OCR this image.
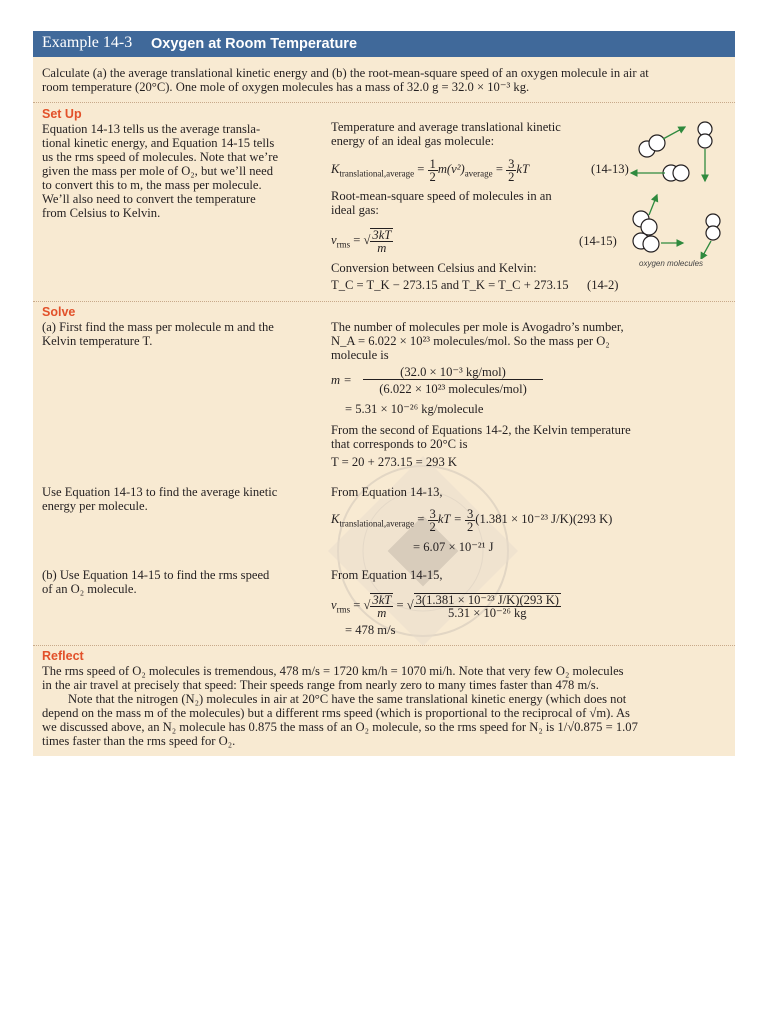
Example 14-3 Oxygen at Room Temperature
Calculate (a) the average translational kinetic energy and (b) the root-mean-square speed of an oxygen molecule in air at
room temperature (20°C). One mole of oxygen molecules has a mass of 32.0 g = 32.0 × 10⁻³ kg.
Set Up
Equation 14-13 tells us the average transla-
tional kinetic energy, and Equation 14-15 tells
us the rms speed of molecules. Note that we’re
given the mass per mole of O₂, but we’ll need
to convert this to m, the mass per molecule.
We’ll also need to convert the temperature
from Celsius to Kelvin.
Temperature and average translational kinetic
energy of an ideal gas molecule:
$K_{translational,average} = \frac{1}{2} m(v^2)_{average} = \frac{3}{2}$ kT	(14-13)
Root-mean-square speed of molecules in an
ideal gas:
$v_{rms}$ = √ $\frac{3kT}{m}$	(14-15)
Conversion between Celsius and Kelvin:
T_C = T_K − 273.15 and T_K = T_C + 273.15 (14-2)
oxygen molecules
Solve
(a) First find the mass per molecule m and the
Kelvin temperature T.
The number of molecules per mole is Avogadro’s number,
N_A = 6.022 × 10²³ molecules/mol. So the mass per O₂
molecule is
m =
(32.0 × 10⁻³ kg/mol)
(6.022 × 10²³ molecules/mol)
= 5.31 × 10⁻²⁶ kg/molecule
From the second of Equations 14-2, the Kelvin temperature
that corresponds to 20°C is
T = 20 + 273.15 = 293 K
Use Equation 14-13 to find the average kinetic
energy per molecule.
From Equation 14-13,
$K_{translational,average} = \frac{3}{2}$ kT = $\frac{3}{2} (1.381 \times 10^{-23}$ J/K)(293 K)
= 6.07 × 10⁻²¹ J
(b) Use Equation 14-15 to find the rms speed
of an O₂ molecule.
From Equation 14-15,
$v_{rms}$ = √ $\frac{3kT}{m}$ = √ $\frac{\text{3(1.381 × 10⁻²³ J/K)(293 K)}}{\text{5.31 × 10⁻²⁶ kg}}$
= 478 m/s
Reflect
The rms speed of O₂ molecules is tremendous, 478 m/s = 1720 km/h = 1070 mi/h. Note that very few O₂ molecules
in the air travel at precisely that speed: Their speeds range from nearly zero to many times faster than 478 m/s.
Note that the nitrogen (N₂) molecules in air at 20°C have the same translational kinetic energy (which does not
depend on the mass m of the molecules) but a different rms speed (which is proportional to the reciprocal of √m). As
we discussed above, an N₂ molecule has 0.875 the mass of an O₂ molecule, so the rms speed for N₂ is 1/√0.875 = 1.07
times faster than the rms speed for O₂.
